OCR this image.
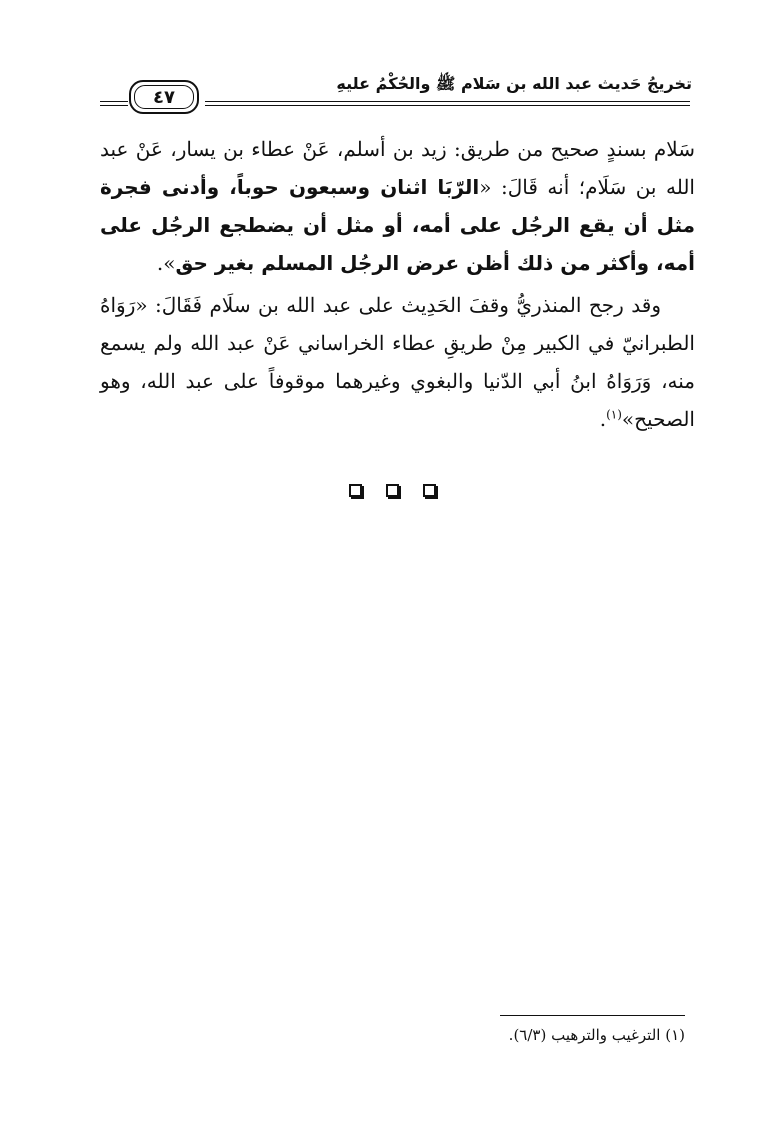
تخريجُ حَديث عبد الله بن سَلام ﷺ والحُكْمُ عليهِ
٤٧

سَلام بسندٍ صحيح من طريق: زيد بن أسلم، عَنْ عطاء بن يسار، عَنْ عبد الله بن سَلَام؛ أنه قَالَ: «الرّبَا اثنان وسبعون حوباً، وأدنى فجرة مثل أن يقع الرجُل على أمه، أو مثل أن يضطجع الرجُل على أمه، وأكثر من ذلك أظن عرض الرجُل المسلم بغير حق».

وقد رجح المنذريُّ وقفَ الحَدِيث على عبد الله بن سلَام فَقَالَ: «رَوَاهُ الطبرانيّ في الكبير مِنْ طريقِ عطاء الخراساني عَنْ عبد الله ولم يسمع منه، وَرَوَاهُ ابنُ أبي الدّنيا والبغوي وغيرهما موقوفاً على عبد الله، وهو الصحيح»$^{(١)}$.

(١) الترغيب والترهيب (٦/٣).
